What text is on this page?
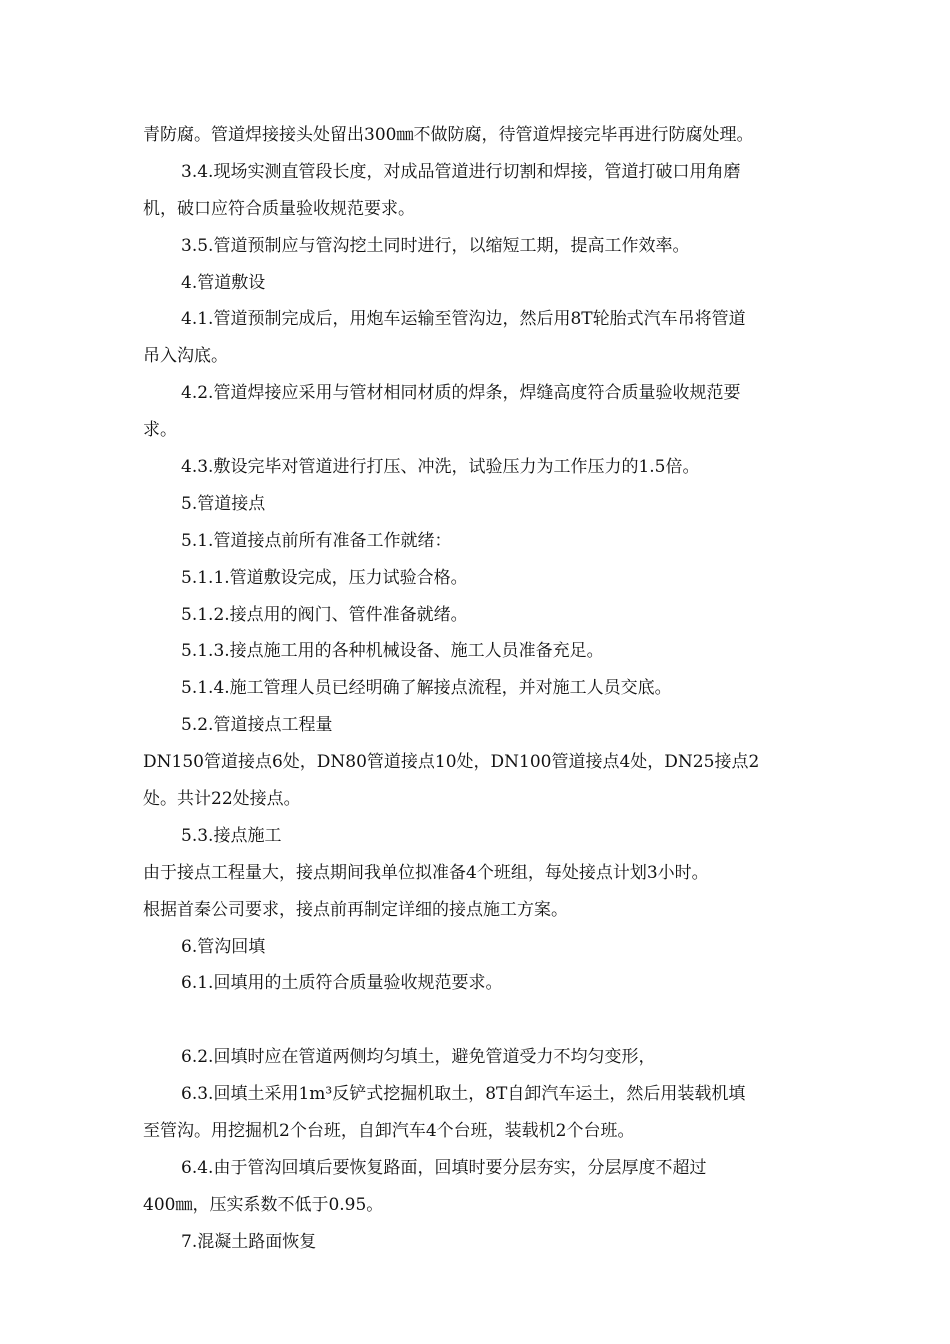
青防腐。管道焊接接头处留出300㎜不做防腐，待管道焊接完毕再进行防腐处理。
3.4.现场实测直管段长度，对成品管道进行切割和焊接，管道打破口用角磨
机，破口应符合质量验收规范要求。
3.5.管道预制应与管沟挖土同时进行，以缩短工期，提高工作效率。
4.管道敷设
4.1.管道预制完成后，用炮车运输至管沟边，然后用8T轮胎式汽车吊将管道
吊入沟底。
4.2.管道焊接应采用与管材相同材质的焊条，焊缝高度符合质量验收规范要
求。
4.3.敷设完毕对管道进行打压、冲洗，试验压力为工作压力的1.5倍。
5.管道接点
5.1.管道接点前所有准备工作就绪：
5.1.1.管道敷设完成，压力试验合格。
5.1.2.接点用的阀门、管件准备就绪。
5.1.3.接点施工用的各种机械设备、施工人员准备充足。
5.1.4.施工管理人员已经明确了解接点流程，并对施工人员交底。
5.2.管道接点工程量
DN150管道接点6处，DN80管道接点10处，DN100管道接点4处，DN25接点2
处。共计22处接点。
5.3.接点施工
由于接点工程量大，接点期间我单位拟准备4个班组，每处接点计划3小时。
根据首秦公司要求，接点前再制定详细的接点施工方案。
6.管沟回填
6.1.回填用的土质符合质量验收规范要求。
6.2.回填时应在管道两侧均匀填土，避免管道受力不均匀变形，
6.3.回填土采用1m³反铲式挖掘机取土，8T自卸汽车运土，然后用装载机填
至管沟。用挖掘机2个台班，自卸汽车4个台班，装载机2个台班。
6.4.由于管沟回填后要恢复路面，回填时要分层夯实，分层厚度不超过
400㎜，压实系数不低于0.95。
7.混凝土路面恢复
